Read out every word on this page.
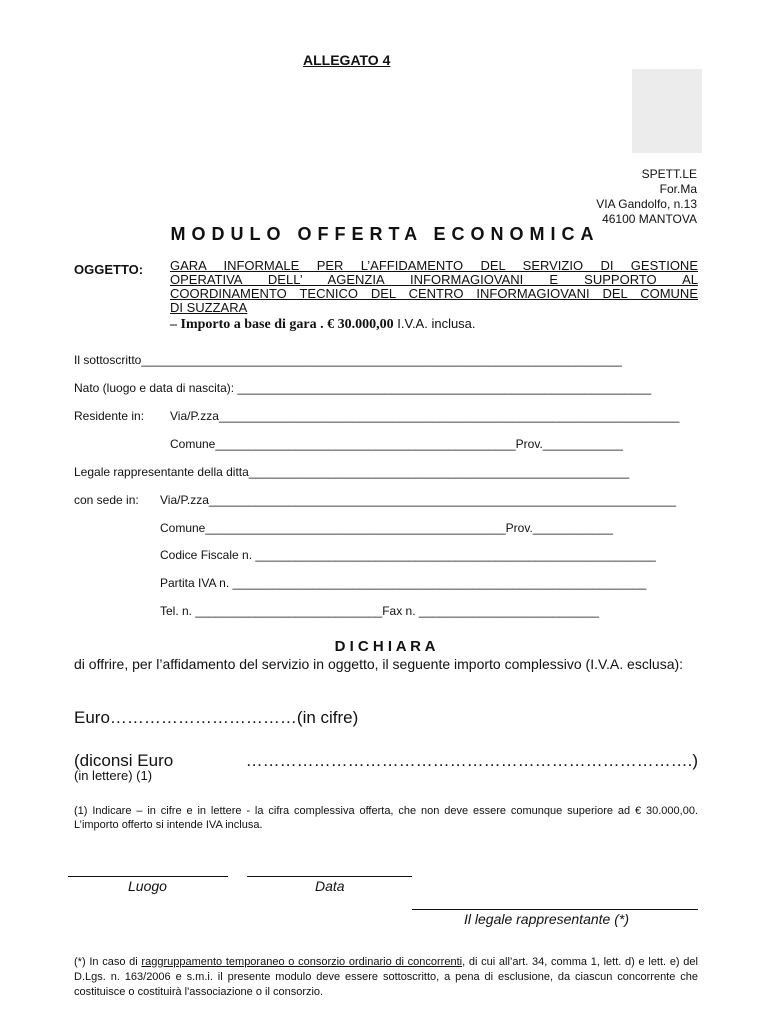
ALLEGATO 4
SPETT.LE
For.Ma
VIA Gandolfo, n.13
46100 MANTOVA
MODULO OFFERTA ECONOMICA
OGGETTO: GARA INFORMALE PER L’AFFIDAMENTO DEL SERVIZIO DI GESTIONE
OPERATIVA DELL’ AGENZIA INFORMAGIOVANI E SUPPORTO AL
COORDINAMENTO TECNICO DEL CENTRO INFORMAGIOVANI DEL COMUNE
DI SUZZARA
– Importo a base di gara . € 30.000,00 I.V.A. inclusa.
Il sottoscritto________________________________________________________________________
Nato (luogo e data di nascita): ______________________________________________________________
Residente in: Via/P.zza_____________________________________________________________________
Comune_____________________________________________Prov.____________
Legale rappresentante della ditta_________________________________________________________
con sede in: Via/P.zza______________________________________________________________________
Comune_____________________________________________Prov.____________
Codice Fiscale n. ____________________________________________________________
Partita IVA n. ______________________________________________________________
Tel. n. ____________________________Fax n. ___________________________
D I C H I A R A
di offrire, per l’affidamento del servizio in oggetto, il seguente importo complessivo (I.V.A. esclusa):
Euro……………………………(in cifre)
(diconsi Euro	…………………………………………………………………….)
(in lettere) (1)
(1) Indicare – in cifre e in lettere - la cifra complessiva offerta, che non deve essere comunque superiore ad € 30.000,00. L’importo offerto si intende IVA inclusa.
Luogo	Data
Il legale rappresentante (*)
(*) In caso di raggruppamento temporaneo o consorzio ordinario di concorrenti, di cui all’art. 34, comma 1, lett. d) e lett. e) del D.Lgs. n. 163/2006 e s.m.i. il presente modulo deve essere sottoscritto, a pena di esclusione, da ciascun concorrente che costituisce o costituirà l'associazione o il consorzio.
